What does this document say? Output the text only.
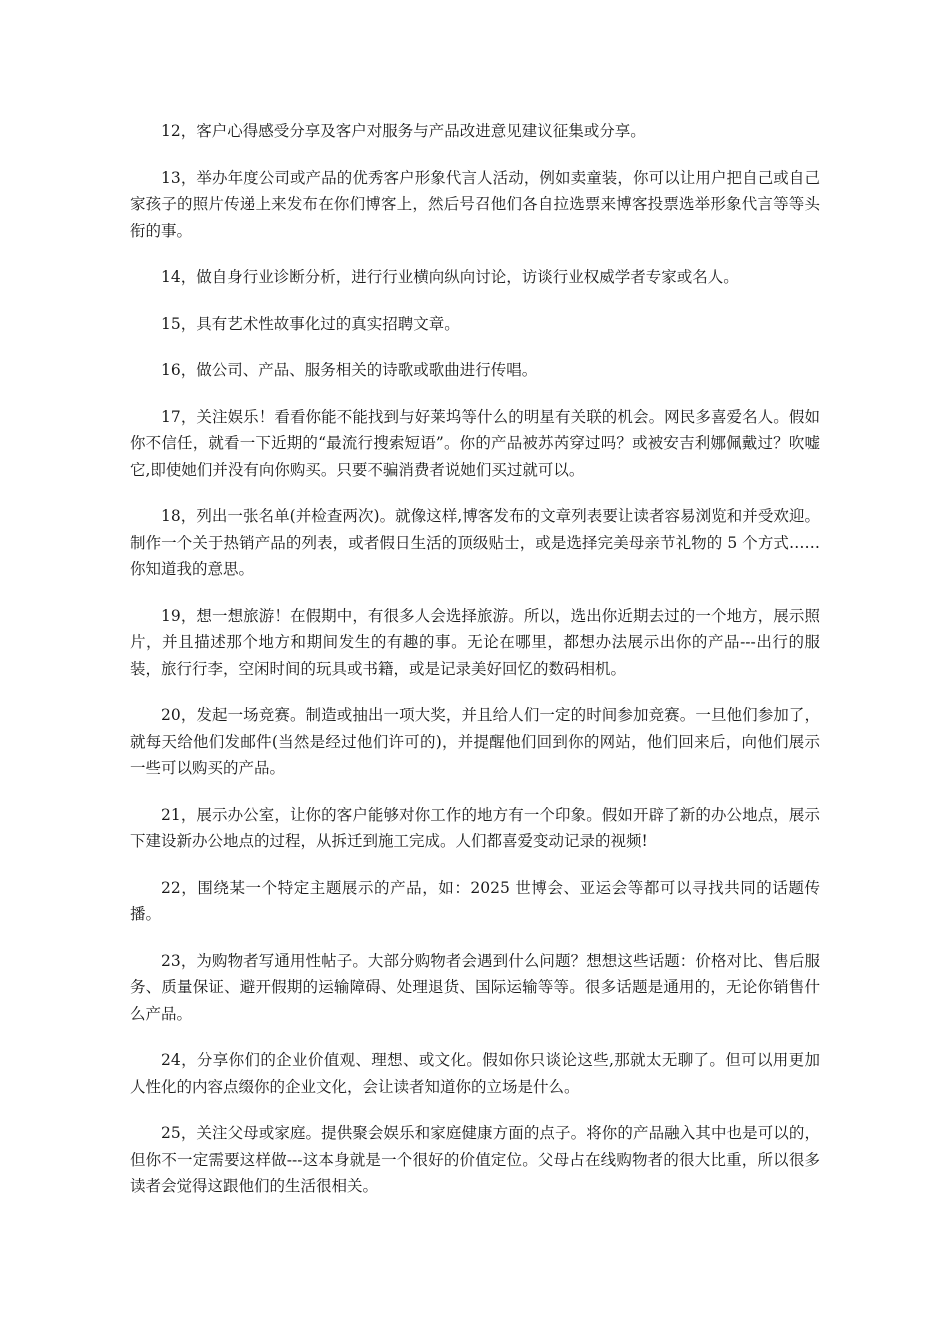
12，客户心得感受分享及客户对服务与产品改进意见建议征集或分享。

13，举办年度公司或产品的优秀客户形象代言人活动，例如卖童装，你可以让用户把自己或自己家孩子的照片传递上来发布在你们博客上，然后号召他们各自拉选票来博客投票选举形象代言等等头衔的事。

14，做自身行业诊断分析，进行行业横向纵向讨论，访谈行业权威学者专家或名人。

15，具有艺术性故事化过的真实招聘文章。

16，做公司、产品、服务相关的诗歌或歌曲进行传唱。

17，关注娱乐！看看你能不能找到与好莱坞等什么的明星有关联的机会。网民多喜爱名人。假如你不信任，就看一下近期的“最流行搜索短语”。你的产品被苏芮穿过吗？或被安吉利娜佩戴过？吹嘘它,即使她们并没有向你购买。只要不骗消费者说她们买过就可以。

18，列出一张名单(并检查两次)。就像这样,博客发布的文章列表要让读者容易浏览和并受欢迎。制作一个关于热销产品的列表，或者假日生活的顶级贴士，或是选择完美母亲节礼物的 5 个方式……你知道我的意思。

19，想一想旅游！在假期中，有很多人会选择旅游。所以，选出你近期去过的一个地方，展示照片，并且描述那个地方和期间发生的有趣的事。无论在哪里，都想办法展示出你的产品---出行的服装，旅行行李，空闲时间的玩具或书籍，或是记录美好回忆的数码相机。

20，发起一场竞赛。制造或抽出一项大奖，并且给人们一定的时间参加竞赛。一旦他们参加了，就每天给他们发邮件(当然是经过他们许可的)，并提醒他们回到你的网站，他们回来后，向他们展示一些可以购买的产品。

21，展示办公室，让你的客户能够对你工作的地方有一个印象。假如开辟了新的办公地点，展示下建设新办公地点的过程，从拆迁到施工完成。人们都喜爱变动记录的视频!

22，围绕某一个特定主题展示的产品，如：2025 世博会、亚运会等都可以寻找共同的话题传播。

23，为购物者写通用性帖子。大部分购物者会遇到什么问题？想想这些话题：价格对比、售后服务、质量保证、避开假期的运输障碍、处理退货、国际运输等等。很多话题是通用的，无论你销售什么产品。

24，分享你们的企业价值观、理想、或文化。假如你只谈论这些,那就太无聊了。但可以用更加人性化的内容点缀你的企业文化，会让读者知道你的立场是什么。

25，关注父母或家庭。提供聚会娱乐和家庭健康方面的点子。将你的产品融入其中也是可以的，但你不一定需要这样做---这本身就是一个很好的价值定位。父母占在线购物者的很大比重，所以很多读者会觉得这跟他们的生活很相关。
